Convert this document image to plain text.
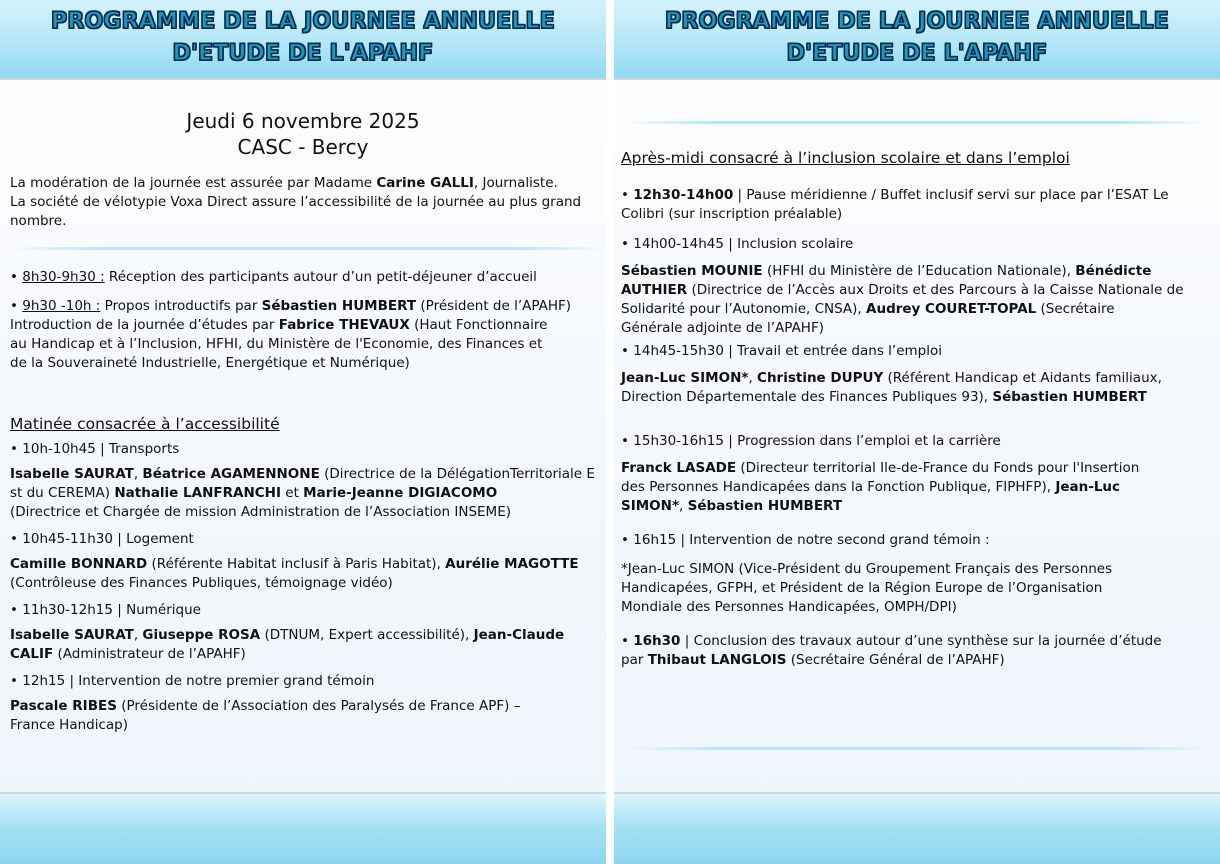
PROGRAMME DE LA JOURNEE ANNUELLE
D'ETUDE DE L'APAHF
Jeudi 6 novembre 2025
CASC - Bercy

La modération de la journée est assurée par Madame Carine GALLI, Journaliste.

La société de vélotypie Voxa Direct assure l’accessibilité de la journée au plus grand

nombre.

• 8h30-9h30 : Réception des participants autour d’un petit-déjeuner d’accueil

• 9h30 -10h : Propos introductifs par Sébastien HUMBERT (Président de l’APAHF)

Introduction de la journée d’études par Fabrice THEVAUX (Haut Fonctionnaire

au Handicap et à l’Inclusion, HFHI, du Ministère de l'Economie, des Finances et

de la Souveraineté Industrielle, Energétique et Numérique)

Matinée consacrée à l’accessibilité

• 10h-10h45 | Transports

Isabelle SAURAT, Béatrice AGAMENNONE (Directrice de la DélégationTerritoriale E

st du CEREMA) Nathalie LANFRANCHI et Marie-Jeanne DIGIACOMO

(Directrice et Chargée de mission Administration de l’Association INSEME)

• 10h45-11h30 | Logement

Camille BONNARD (Référente Habitat inclusif à Paris Habitat), Aurélie MAGOTTE

(Contrôleuse des Finances Publiques, témoignage vidéo)

• 11h30-12h15 | Numérique

Isabelle SAURAT, Giuseppe ROSA (DTNUM, Expert accessibilité), Jean-Claude

CALIF (Administrateur de l’APAHF)

• 12h15 | Intervention de notre premier grand témoin

Pascale RIBES (Présidente de l’Association des Paralysés de France APF) –

France Handicap)

PROGRAMME DE LA JOURNEE ANNUELLE
D'ETUDE DE L'APAHF

Après-midi consacré à l’inclusion scolaire et dans l’emploi

• 12h30-14h00 | Pause méridienne / Buffet inclusif servi sur place par l’ESAT Le

Colibri (sur inscription préalable)

• 14h00-14h45 | Inclusion scolaire

Sébastien MOUNIE (HFHI du Ministère de l’Education Nationale), Bénédicte

AUTHIER (Directrice de l’Accès aux Droits et des Parcours à la Caisse Nationale de

Solidarité pour l’Autonomie, CNSA), Audrey COURET-TOPAL (Secrétaire

Générale adjointe de l’APAHF)

• 14h45-15h30 | Travail et entrée dans l’emploi

Jean-Luc SIMON*, Christine DUPUY (Référent Handicap et Aidants familiaux,

Direction Départementale des Finances Publiques 93), Sébastien HUMBERT

• 15h30-16h15 | Progression dans l’emploi et la carrière

Franck LASADE (Directeur territorial Ile-de-France du Fonds pour l'Insertion

des Personnes Handicapées dans la Fonction Publique, FIPHFP), Jean-Luc

SIMON*, Sébastien HUMBERT

• 16h15 | Intervention de notre second grand témoin :

*Jean-Luc SIMON (Vice-Président du Groupement Français des Personnes

Handicapées, GFPH, et Président de la Région Europe de l’Organisation

Mondiale des Personnes Handicapées, OMPH/DPI)

• 16h30 | Conclusion des travaux autour d’une synthèse sur la journée d’étude

par Thibaut LANGLOIS (Secrétaire Général de l’APAHF)
